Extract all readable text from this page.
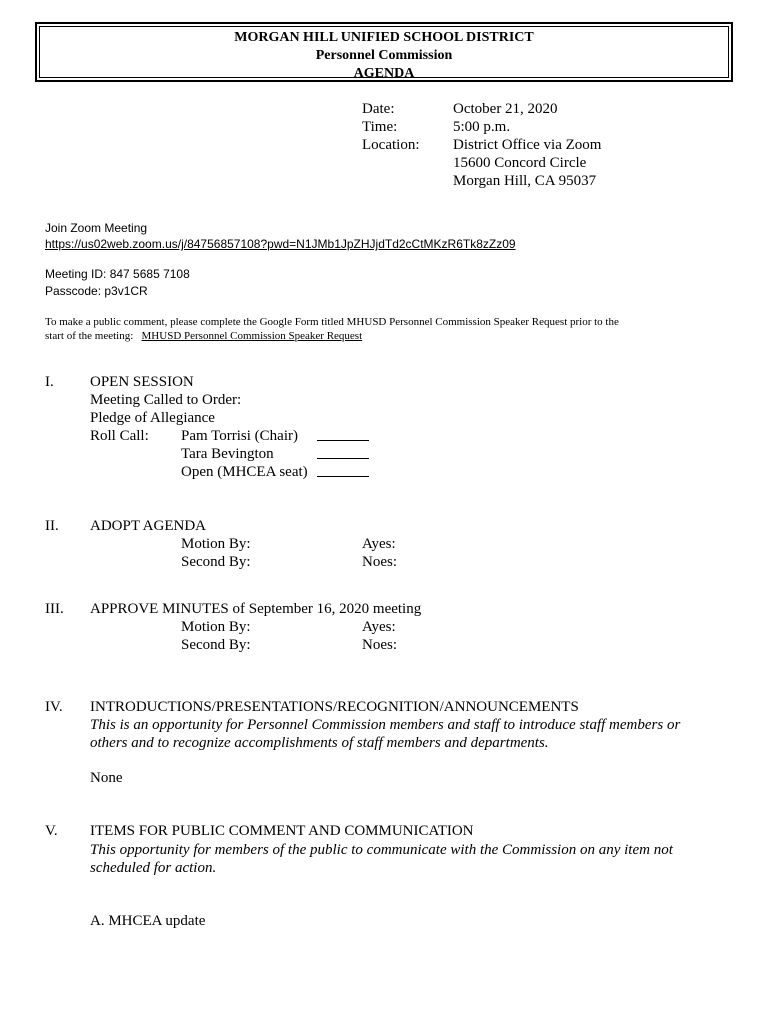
MORGAN HILL UNIFIED SCHOOL DISTRICT
Personnel Commission
AGENDA
Date:	October 21, 2020
Time:	5:00 p.m.
Location: District Office via Zoom
15600 Concord Circle
Morgan Hill, CA 95037
Join Zoom Meeting
https://us02web.zoom.us/j/84756857108?pwd=N1JMb1JpZHJjdTd2cCtMKzR6Tk8zZz09
Meeting ID: 847 5685 7108
Passcode: p3v1CR
To make a public comment, please complete the Google Form titled MHUSD Personnel Commission Speaker Request prior to the
start of the meeting: MHUSD Personnel Commission Speaker Request
I. OPEN SESSION
Meeting Called to Order:
Pledge of Allegiance
Roll Call: Pam Torrisi (Chair)
Tara Bevington
Open (MHCEA seat)
II. ADOPT AGENDA
Motion By:
Second By:
Ayes:
Noes:
III. APPROVE MINUTES of September 16, 2020 meeting
Motion By:
Second By:
Ayes:
Noes:
IV. INTRODUCTIONS/PRESENTATIONS/RECOGNITION/ANNOUNCEMENTS
This is an opportunity for Personnel Commission members and staff to introduce staff members or
others and to recognize accomplishments of staff members and departments.
None
V. ITEMS FOR PUBLIC COMMENT AND COMMUNICATION
This opportunity for members of the public to communicate with the Commission on any item not
scheduled for action.
A. MHCEA update
